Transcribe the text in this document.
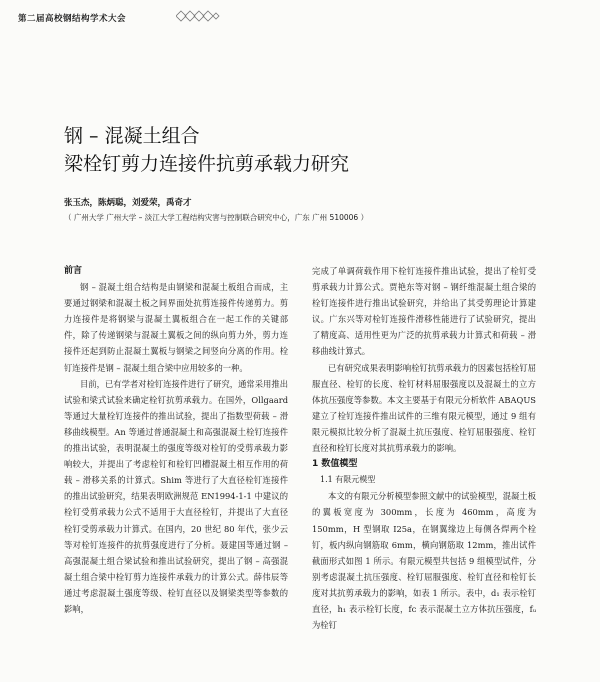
第二届高校钢结构学术大会
钢 – 混凝土组合
梁栓钉剪力连接件抗剪承载力研究
张玉杰，陈炳聪，刘爱荣，禹奇才
（ 广州大学 广州大学 – 淡江大学工程结构灾害与控制联合研究中心，广东 广州 510006 ）
前言

钢 – 混凝土组合结构是由钢梁和混凝土板组合而成，主要通过钢梁和混凝土板之间界面处抗剪连接件传递剪力。剪力连接件是将钢梁与混凝土翼板组合在一起工作的关键部件，除了传递钢梁与混凝土翼板之间的纵向剪力外，剪力连接件还起到防止混凝土翼板与钢梁之间竖向分离的作用。栓钉连接件是钢 – 混凝土组合梁中应用较多的一种。

目前，已有学者对栓钉连接件进行了研究，通常采用推出试验和梁式试验来确定栓钉抗剪承载力。在国外，Ollgaard 等通过大量栓钉连接件的推出试验，提出了指数型荷载 – 滑移曲线模型。An 等通过普通混凝土和高强混凝土栓钉连接件的推出试验，表明混凝土的强度等级对栓钉的受剪承载力影响较大，并提出了考虑栓钉和栓钉凹槽混凝土相互作用的荷载 – 滑移关系的计算式。Shim 等进行了大直径栓钉连接件的推出试验研究，结果表明欧洲规范 EN1994-1-1 中建议的栓钉受剪承载力公式不适用于大直径栓钉，并提出了大直径栓钉受剪承载力计算式。在国内，20 世纪 80 年代，张少云等对栓钉连接件的抗剪强度进行了分析。聂建国等通过钢 – 高强混凝土组合梁试验和推出试验研究，提出了钢 – 高强混凝土组合梁中栓钉剪力连接件承载力的计算公式。薛伟辰等通过考虑混凝土强度等级、栓钉直径以及钢梁类型等参数的影响，

完成了单调荷载作用下栓钉连接件推出试验，提出了栓钉受剪承载力计算公式。贾艳东等对钢 – 钢纤维混凝土组合梁的栓钉连接件进行推出试验研究，并给出了其受剪理论计算建议。广东兴等对栓钉连接件滑移性能进行了试验研究，提出了精度高、适用性更为广泛的抗剪承载力计算式和荷载 – 滑移曲线计算式。

已有研究成果表明影响栓钉抗剪承载力的因素包括栓钉屈服直径、栓钉的长度、栓钉材料屈服强度以及混凝土的立方体抗压强度等参数。本文主要基于有限元分析软件 ABAQUS 建立了栓钉连接件推出试件的三维有限元模型，通过 9 组有限元模拟比较分析了混凝土抗压强度、栓钉屈服强度、栓钉直径和栓钉长度对其抗剪承载力的影响。

1 数值模型
1.1 有限元模型

本文的有限元分析模型参照文献中的试验模型，混凝土板的翼板宽度为 300mm，长度为 460mm，高度为 150mm，H 型钢取 I25a，在钢翼缘边上每侧各焊两个栓钉，板内纵向钢筋取 6mm，横向钢筋取 12mm，推出试件截面形式如图 1 所示。有限元模型共包括 9 组模型试件，分别考虑混凝土抗压强度、栓钉屈服强度、栓钉直径和栓钉长度对其抗剪承载力的影响，如表 1 所示。表中，d₁ 表示栓钉直径，h₁ 表示栓钉长度，fᴄ 表示混凝土立方体抗压强度，fᵤ 为栓钉
